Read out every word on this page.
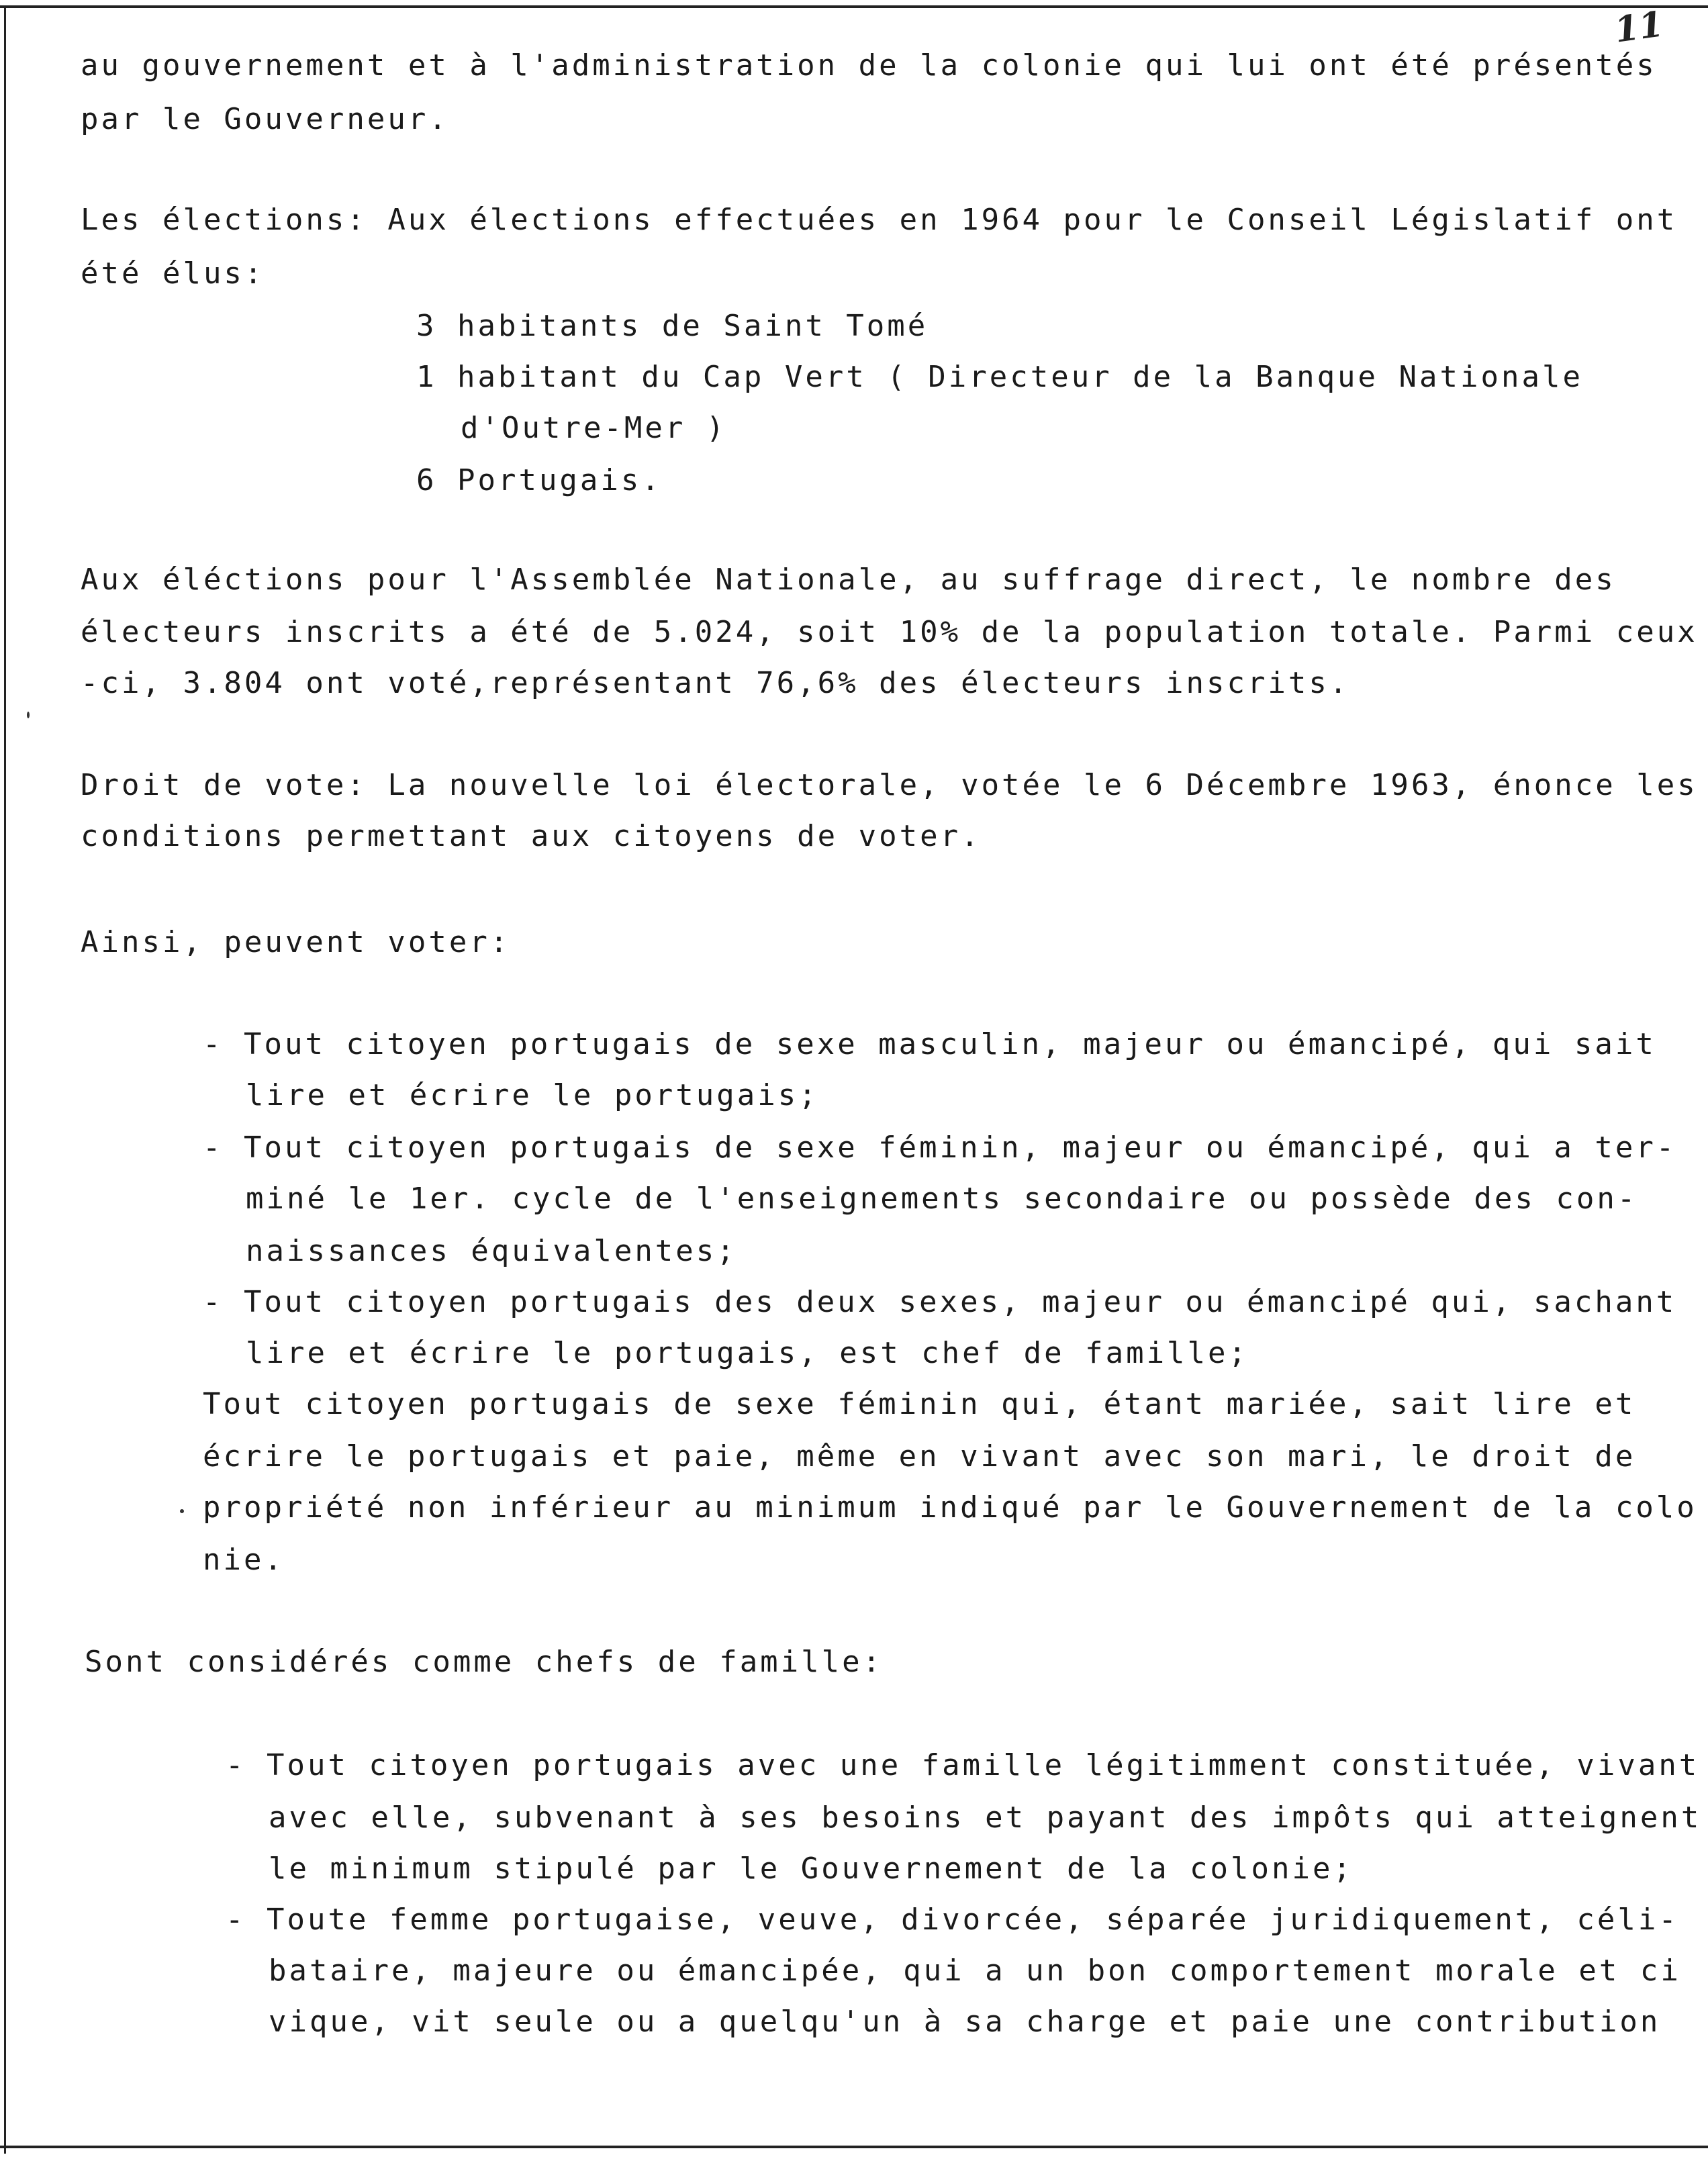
11
au gouvernement et à l'administration de la colonie qui lui ont été présentés
par le Gouverneur.
Les élections: Aux élections effectuées en 1964 pour le Conseil Législatif ont
été élus:
3 habitants de Saint Tomé
1 habitant du Cap Vert ( Directeur de la Banque Nationale
d'Outre-Mer )
6 Portugais.
Aux éléctions pour l'Assemblée Nationale, au suffrage direct, le nombre des
électeurs inscrits a été de 5.024, soit 10% de la population totale. Parmi ceux
-ci, 3.804 ont voté,représentant 76,6% des électeurs inscrits.
Droit de vote: La nouvelle loi électorale, votée le 6 Décembre 1963, énonce les
conditions permettant aux citoyens de voter.
Ainsi, peuvent voter:
- Tout citoyen portugais de sexe masculin, majeur ou émancipé, qui sait
lire et écrire le portugais;
- Tout citoyen portugais de sexe féminin, majeur ou émancipé, qui a ter-
miné le 1er. cycle de l'enseignements secondaire ou possède des con-
naissances équivalentes;
- Tout citoyen portugais des deux sexes, majeur ou émancipé qui, sachant
lire et écrire le portugais, est chef de famille;
Tout citoyen portugais de sexe féminin qui, étant mariée, sait lire et
écrire le portugais et paie, même en vivant avec son mari, le droit de
propriété non inférieur au minimum indiqué par le Gouvernement de la colo
nie.
Sont considérés comme chefs de famille:
- Tout citoyen portugais avec une famille légitimment constituée, vivant
avec elle, subvenant à ses besoins et payant des impôts qui atteignent
le minimum stipulé par le Gouvernement de la colonie;
- Toute femme portugaise, veuve, divorcée, séparée juridiquement, céli-
bataire, majeure ou émancipée, qui a un bon comportement morale et ci
vique, vit seule ou a quelqu'un à sa charge et paie une contribution
